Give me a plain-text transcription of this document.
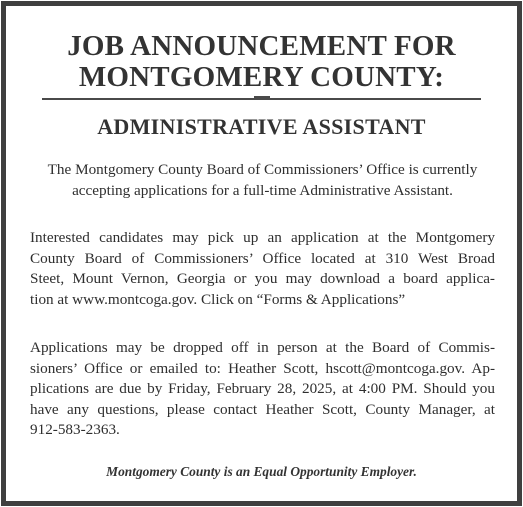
JOB ANNOUNCEMENT FOR
MONTGOMERY COUNTY:
ADMINISTRATIVE ASSISTANT

The Montgomery County Board of Commissioners’ Office is currently
accepting applications for a full-time Administrative Assistant.

Interested candidates may pick up an application at the Montgomery
County Board of Commissioners’ Office located at 310 West Broad
Steet, Mount Vernon, Georgia or you may download a board applica-
tion at www.montcoga.gov. Click on “Forms & Applications”

Applications may be dropped off in person at the Board of Commis-
sioners’ Office or emailed to: Heather Scott, hscott@montcoga.gov. Ap-
plications are due by Friday, February 28, 2025, at 4:00 PM. Should you
have any questions, please contact Heather Scott, County Manager, at
912-583-2363.

Montgomery County is an Equal Opportunity Employer.
